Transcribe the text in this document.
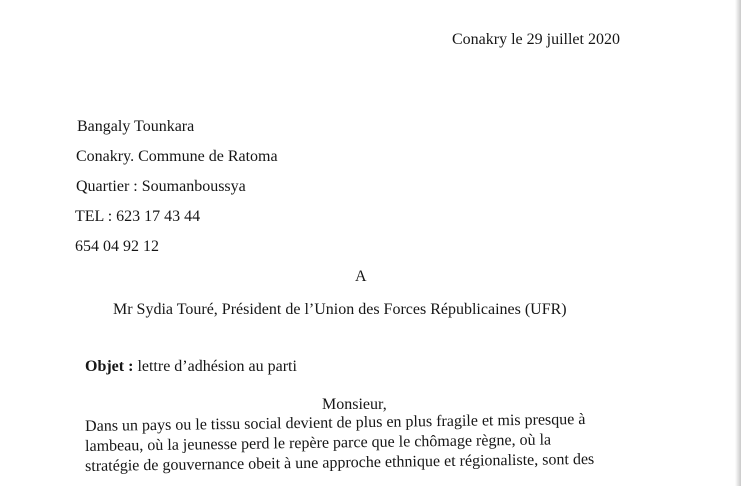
Conakry le 29 juillet 2020
Bangaly Tounkara
Conakry. Commune de Ratoma
Quartier : Soumanboussya
TEL : 623 17 43 44
654 04 92 12
A
Mr Sydia Touré, Président de l’Union des Forces Républicaines (UFR)
Objet : lettre d’adhésion au parti
Monsieur,
Dans un pays ou le tissu social devient de plus en plus fragile et mis presque à
lambeau, où la jeunesse perd le repère parce que le chômage règne, où la
stratégie de gouvernance obeit à une approche ethnique et régionaliste, sont des
